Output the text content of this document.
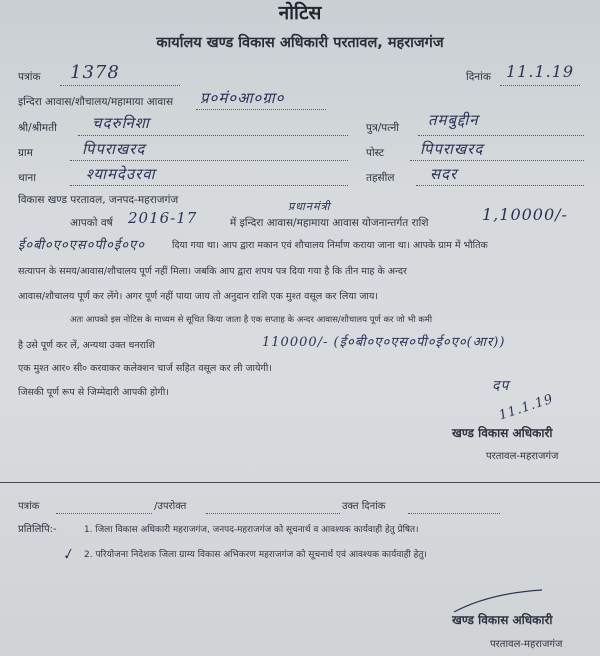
नोटिस
कार्यालय खण्ड विकास अधिकारी परतावल, महराजगंज
पत्रांक 1378	दिनांक 11.1.19
इन्दिरा आवास/शौचालय/महामाया आवास प्र०मं०आ०ग्रा०
श्री/श्रीमती चदरुनिशा	पुत्र/पत्नी तमबुद्दीन
ग्राम	पिपराखरद	पोस्ट पिपराखरद
थाना	श्यामदेउरवा	तहसील सदर
विकास खण्ड परतावल, जनपद-महराजगंज	प्रधानमंत्री
आपको वर्ष 2016-17	में इन्दिरा आवास/महामाया आवास योजनान्तर्गत राशि	1,10000/-
ई०बी०ए०एस०पी०ई०ए०	दिया गया था। आप द्वारा मकान एवं शौचालय निर्माण कराया जाना था। आपके ग्राम में भौतिक
सत्यापन के समय/आवास/शौचालय पूर्ण नहीं मिला। जबकि आप द्वारा शपथ पत्र दिया गया है कि तीन माह के अन्दर
आवास/शौचालय पूर्ण कर लेंगे। अगर पूर्ण नहीं पाया जाय तो अनुदान राशि एक मुश्त वसूल कर लिया जाय।
अतः आपको इस नोटिस के माध्यम से सूचित किया जाता है एक सप्ताह के अन्दर आवास/शौचालय पूर्ण कर जो भी कमी
है उसे पूर्ण कर लें, अन्यथा उक्त धनराशि	110000/- (ई०बी०ए०एस०पी०ई०ए०(आर))
एक मुश्त आर० सी० करवाकर कलेक्शन चार्ज सहित वसूल कर ली जायेगी।
जिसकी पूर्ण रूप से जिम्मेदारी आपकी होगी।	दप
11.1.19
खण्ड विकास अधिकारी
परतावल-महराजगंज
पत्रांक	/उपरोक्त	उक्त दिनांक
प्रतिलिपि:-	1. जिला विकास अधिकारी महराजगंज, जनपद-महराजगंज को सूचनार्थ व आवश्यक कार्यवाही हेतु प्रेषित।
✓ 2. परियोजना निदेशक जिला ग्राम्य विकास अभिकरण महराजगंज को सूचनार्थ एवं आवश्यक कार्यवाही हेतु।
खण्ड विकास अधिकारी
परतावल-महराजगंज
